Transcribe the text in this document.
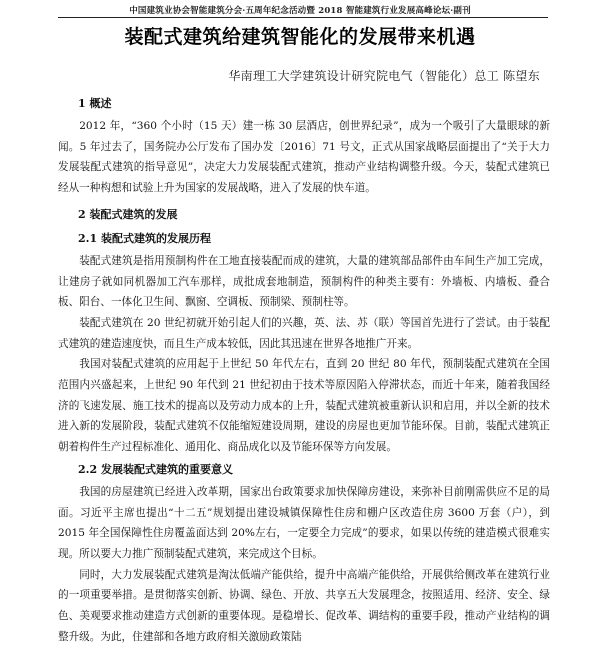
中国建筑业协会智能建筑分会·五周年纪念活动暨 2018 智能建筑行业发展高峰论坛·副刊
装配式建筑给建筑智能化的发展带来机遇
华南理工大学建筑设计研究院电气（智能化）总工 陈望东
1 概述

2012 年，“360 个小时（15 天）建一栋 30 层酒店，创世界纪录”，成为一个吸引了大量眼球的新闻。5 年过去了，国务院办公厅发布了国办发〔2016〕71 号文，正式从国家战略层面提出了“关于大力发展装配式建筑的指导意见”，决定大力发展装配式建筑，推动产业结构调整升级。今天，装配式建筑已经从一种构想和试验上升为国家的发展战略，进入了发展的快车道。

2 装配式建筑的发展
2.1 装配式建筑的发展历程

装配式建筑是指用预制构件在工地直接装配而成的建筑，大量的建筑部品部件由车间生产加工完成，让建房子就如同机器加工汽车那样，成批成套地制造，预制构件的种类主要有：外墙板、内墙板、叠合板、阳台、一体化卫生间、飘窗、空调板、预制梁、预制柱等。

装配式建筑在 20 世纪初就开始引起人们的兴趣，英、法、苏（联）等国首先进行了尝试。由于装配式建筑的建造速度快，而且生产成本较低，因此其迅速在世界各地推广开来。

我国对装配式建筑的应用起于上世纪 50 年代左右，直到 20 世纪 80 年代，预制装配式建筑在全国范围内兴盛起来，上世纪 90 年代到 21 世纪初由于技术等原因陷入停滞状态，而近十年来，随着我国经济的飞速发展、施工技术的提高以及劳动力成本的上升，装配式建筑被重新认识和启用，并以全新的技术进入新的发展阶段，装配式建筑不仅能缩短建设周期，建设的房屋也更加节能环保。目前，装配式建筑正朝着构件生产过程标准化、通用化、商品成化以及节能环保等方向发展。

2.2 发展装配式建筑的重要意义

我国的房屋建筑已经进入改革期，国家出台政策要求加快保障房建设，来弥补目前刚需供应不足的局面。习近平主席也提出“十二五”规划提出建设城镇保障性住房和棚户区改造住房 3600 万套（户），到 2015 年全国保障性住房覆盖面达到 20%左右，一定要全力完成”的要求，如果以传统的建造模式很难实现。所以要大力推广预制装配式建筑，来完成这个目标。

同时，大力发展装配式建筑是淘汰低端产能供给，提升中高端产能供给，开展供给侧改革在建筑行业的一项重要举措。是贯彻落实创新、协调、绿色、开放、共享五大发展理念，按照适用、经济、安全、绿色、美观要求推动建造方式创新的重要体现。是稳增长、促改革、调结构的重要手段，推动产业结构的调整升级。为此，住建部和各地方政府相关激励政策陆
